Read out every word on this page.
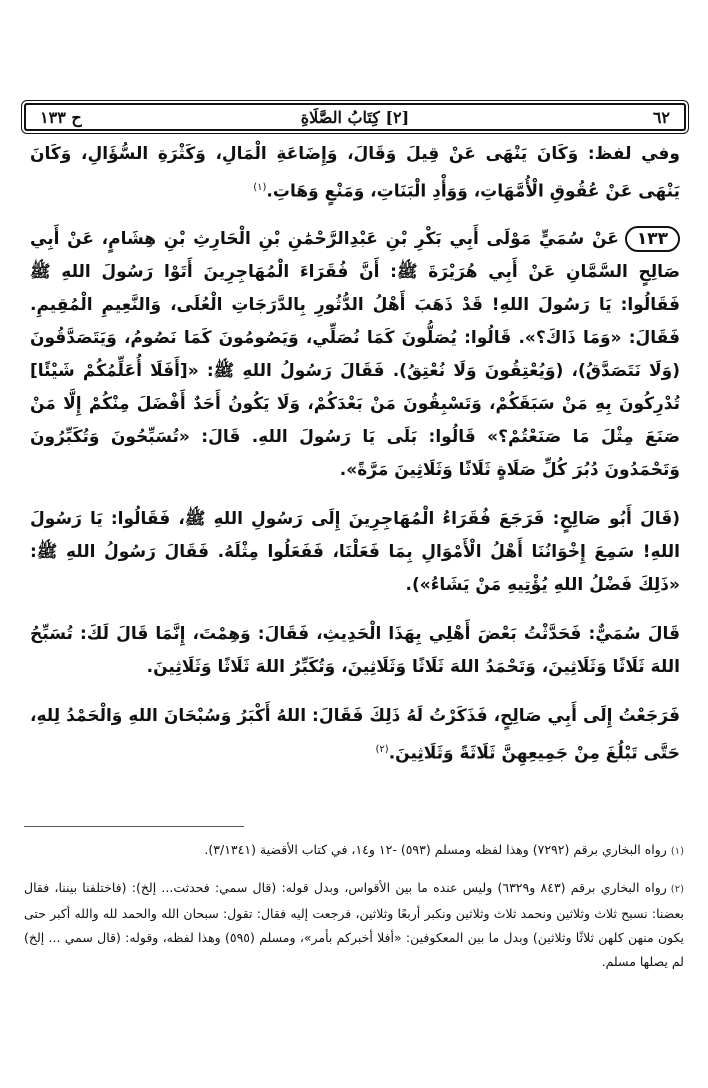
٦٢
[٢] كِتَابُ الصَّلَاةِ
ح ١٣٣

وفي لفظ: وَكَانَ يَنْهَى عَنْ قِيلَ وَقَالَ، وَإِضَاعَةِ الْمَالِ، وَكَثْرَةِ السُّؤَالِ، وَكَانَ يَنْهَى عَنْ عُقُوقِ الْأُمَّهَاتِ، وَوَأْدِ الْبَنَاتِ، وَمَنْعٍ وَهَاتِ.$^{(١)}$

١٣٣عَنْ سُمَيٍّ مَوْلَى أَبِي بَكْرِ بْنِ عَبْدِالرَّحْمَٰنِ بْنِ الْحَارِثِ بْنِ هِشَامٍ، عَنْ أَبِي صَالِحٍ السَّمَّانِ عَنْ أَبِي هُرَيْرَةَ ﷺ: أَنَّ فُقَرَاءَ الْمُهَاجِرِينَ أَتَوْا رَسُولَ اللهِ ﷺ فَقَالُوا: يَا رَسُولَ اللهِ! قَدْ ذَهَبَ أَهْلُ الدُّثُورِ بِالدَّرَجَاتِ الْعُلَى، وَالنَّعِيمِ الْمُقِيمِ. فَقَالَ: «وَمَا ذَاكَ؟». قَالُوا: يُصَلُّونَ كَمَا نُصَلِّي، وَيَصُومُونَ كَمَا نَصُومُ، وَيَتَصَدَّقُونَ (وَلَا نَتَصَدَّقُ)، (وَيُعْتِقُونَ وَلَا نُعْتِقُ). فَقَالَ رَسُولُ اللهِ ﷺ: «[أَفَلَا أُعَلِّمُكُمْ شَيْئًا] تُدْرِكُونَ بِهِ مَنْ سَبَقَكُمْ، وَتَسْبِقُونَ مَنْ بَعْدَكُمْ، وَلَا يَكُونُ أَحَدٌ أَفْضَلَ مِنْكُمْ إِلَّا مَنْ صَنَعَ مِثْلَ مَا صَنَعْتُمْ؟» قَالُوا: بَلَى يَا رَسُولَ اللهِ. قَالَ: «تُسَبِّحُونَ وَتُكَبِّرُونَ وَتَحْمَدُونَ دُبُرَ كُلِّ صَلَاةٍ ثَلَاثًا وَثَلَاثِينَ مَرَّةً».

(قَالَ أَبُو صَالِحٍ: فَرَجَعَ فُقَرَاءُ الْمُهَاجِرِينَ إِلَى رَسُولِ اللهِ ﷺ، فَقَالُوا: يَا رَسُولَ اللهِ! سَمِعَ إِخْوَانُنَا أَهْلُ الْأَمْوَالِ بِمَا فَعَلْنَا، فَفَعَلُوا مِثْلَهُ. فَقَالَ رَسُولُ اللهِ ﷺ: «ذَلِكَ فَضْلُ اللهِ يُؤْتِيهِ مَنْ يَشَاءُ»).

قَالَ سُمَيٌّ: فَحَدَّثْتُ بَعْضَ أَهْلِي بِهَذَا الْحَدِيثِ، فَقَالَ: وَهِمْتَ، إِنَّمَا قَالَ لَكَ: تُسَبِّحُ اللهَ ثَلَاثًا وَثَلَاثِينَ، وَتَحْمَدُ اللهَ ثَلَاثًا وَثَلَاثِينَ، وَتُكَبِّرُ اللهَ ثَلَاثًا وَثَلَاثِينَ.

فَرَجَعْتُ إِلَى أَبِي صَالِحٍ، فَذَكَرْتُ لَهُ ذَلِكَ فَقَالَ: اللهُ أَكْبَرُ وَسُبْحَانَ اللهِ وَالْحَمْدُ لِلهِ، حَتَّى تَبْلُغَ مِنْ جَمِيعِهِنَّ ثَلَاثَةً وَثَلَاثِينَ.$^{(٢)}$

(١)رواه البخاري برقم (٧٢٩٢) وهذا لفظه ومسلم (٥٩٣) -١٢ و١٤، في كتاب الأقضية (٣/١٣٤١).

(٢)رواه البخاري برقم (٨٤٣ و٦٣٢٩) وليس عنده ما بين الأقواس، وبدل قوله: (قال سمي: فحدثت... إلخ): (فاختلفنا بيننا، فقال بعضنا: نسبح ثلاث وثلاثين ونحمد ثلاث وثلاثين ونكبر أربعًا وثلاثين، فرجعت إليه فقال: تقول: سبحان الله والحمد لله والله أكبر حتى يكون منهن كلهن ثلاثًا وثلاثين) وبدل ما بين المعكوفين: «أفلا أخبركم بأمر»، ومسلم (٥٩٥) وهذا لفظه، وقوله: (قال سمي ... إلخ) لم يصلها مسلم.
